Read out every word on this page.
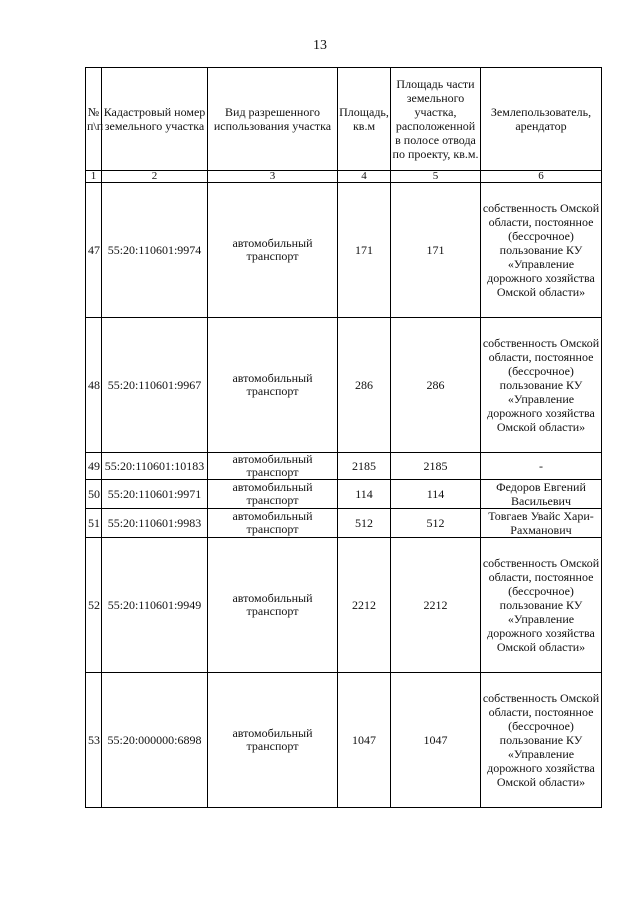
13
№ п\п	Кадастровый номер земельного участка	Вид разрешенного использования участка	Площадь, кв.м	Площадь части земельного участка, расположенной в полосе отвода по проекту, кв.м.	Землепользователь, арендатор
1	2	3	4	5	6
47	55:20:110601:9974	автомобильный транспорт	171	171	собственность Омской области, постоянное (бессрочное) пользование КУ «Управление дорожного хозяйства Омской области»
48	55:20:110601:9967	автомобильный транспорт	286	286	собственность Омской области, постоянное (бессрочное) пользование КУ «Управление дорожного хозяйства Омской области»
49	55:20:110601:10183	автомобильный транспорт	2185	2185	-
50	55:20:110601:9971	автомобильный транспорт	114	114	Федоров Евгений Васильевич
51	55:20:110601:9983	автомобильный транспорт	512	512	Товгаев Увайс Хари-Рахманович
52	55:20:110601:9949	автомобильный транспорт	2212	2212	собственность Омской области, постоянное (бессрочное) пользование КУ «Управление дорожного хозяйства Омской области»
53	55:20:000000:6898	автомобильный транспорт	1047	1047	собственность Омской области, постоянное (бессрочное) пользование КУ «Управление дорожного хозяйства Омской области»
